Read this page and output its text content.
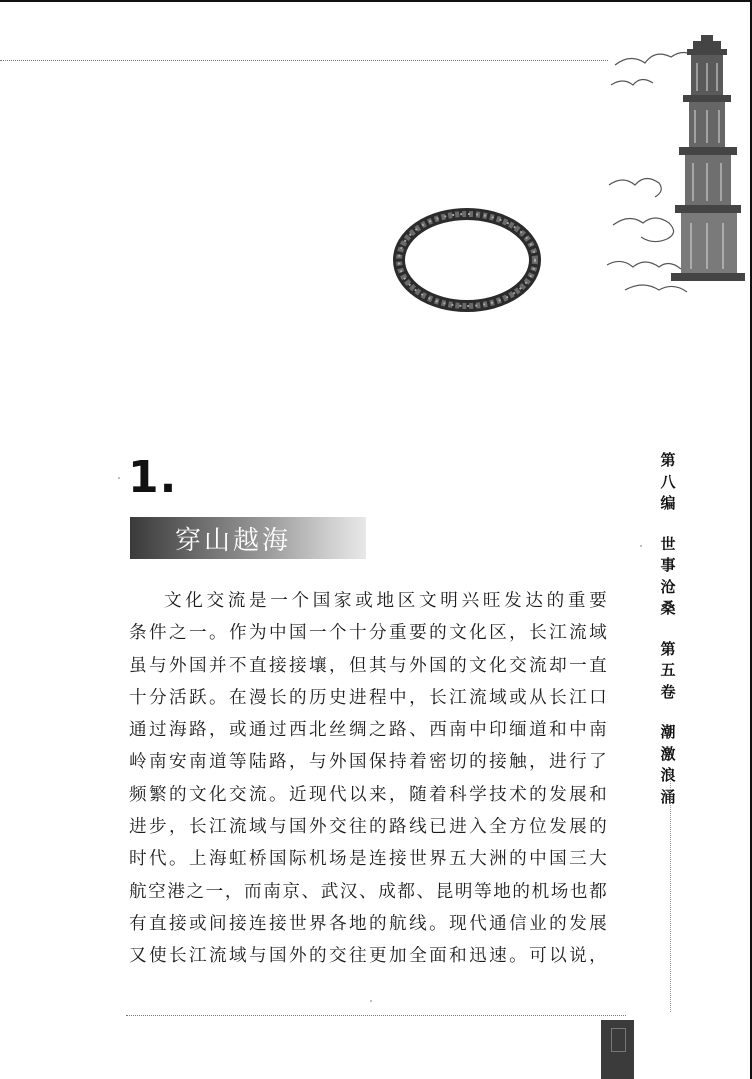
1.
穿山越海
文化交流是一个国家或地区文明兴旺发达的重要
条件之一。作为中国一个十分重要的文化区，长江流域
虽与外国并不直接接壤，但其与外国的文化交流却一直
十分活跃。在漫长的历史进程中，长江流域或从长江口
通过海路，或通过西北丝绸之路、西南中印缅道和中南
岭南安南道等陆路，与外国保持着密切的接触，进行了
频繁的文化交流。近现代以来，随着科学技术的发展和
进步，长江流域与国外交往的路线已进入全方位发展的
时代。上海虹桥国际机场是连接世界五大洲的中国三大
航空港之一，而南京、武汉、成都、昆明等地的机场也都
有直接或间接连接世界各地的航线。现代通信业的发展
又使长江流域与国外的交往更加全面和迅速。可以说，
第
八
编
世
事
沧
桑
第
五
卷
潮
激
浪
涌
